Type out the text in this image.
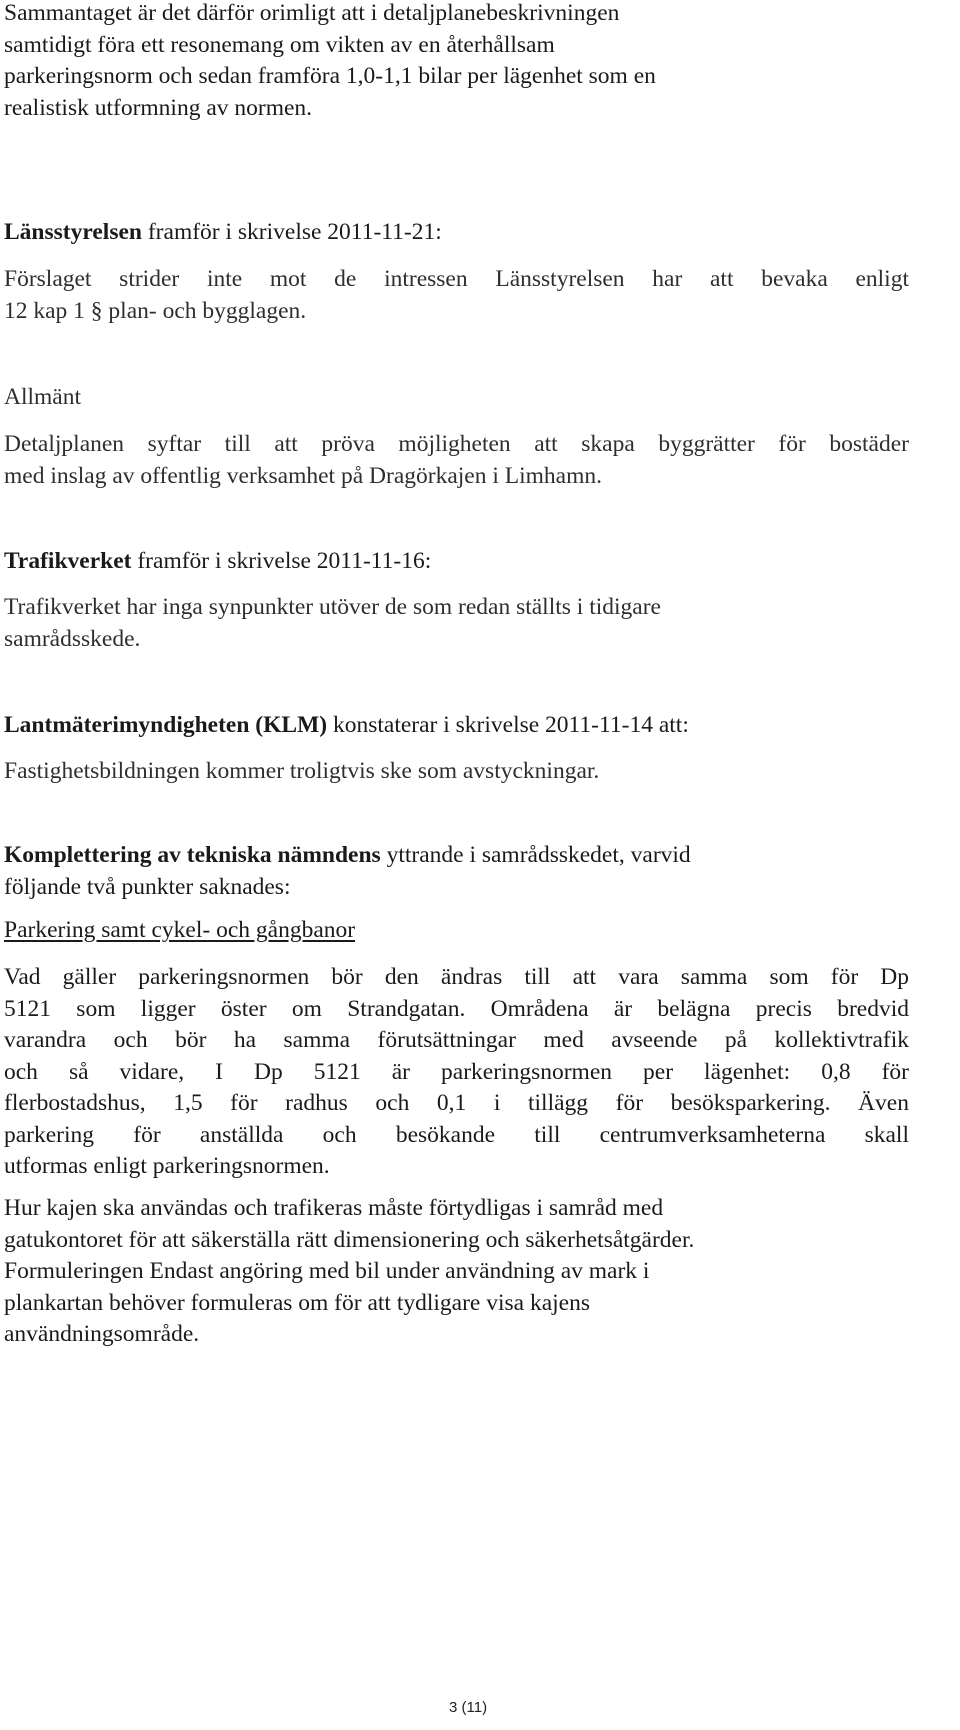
Sammantaget är det därför orimligt att i detaljplanebeskrivningen
samtidigt föra ett resonemang om vikten av en återhållsam
parkeringsnorm och sedan framföra 1,0-1,1 bilar per lägenhet som en
realistisk utformning av normen.
Länsstyrelsen framför i skrivelse 2011-11-21:
Förslaget strider inte mot de intressen Länsstyrelsen har att bevaka enligt
12 kap 1 § plan- och bygglagen.
Allmänt
Detaljplanen syftar till att pröva möjligheten att skapa byggrätter för bostäder
med inslag av offentlig verksamhet på Dragörkajen i Limhamn.
Trafikverket framför i skrivelse 2011-11-16:
Trafikverket har inga synpunkter utöver de som redan ställts i tidigare
samrådsskede.
Lantmäterimyndigheten (KLM) konstaterar i skrivelse 2011-11-14 att:
Fastighetsbildningen kommer troligtvis ske som avstyckningar.
Komplettering av tekniska nämndens yttrande i samrådsskedet, varvid
följande två punkter saknades:
Parkering samt cykel- och gångbanor
Vad gäller parkeringsnormen bör den ändras till att vara samma som för Dp
5121 som ligger öster om Strandgatan. Områdena är belägna precis bredvid
varandra och bör ha samma förutsättningar med avseende på kollektivtrafik
och så vidare, I Dp 5121 är parkeringsnormen per lägenhet: 0,8 för
flerbostadshus, 1,5 för radhus och 0,1 i tillägg för besöksparkering. Även
parkering för anställda och besökande till centrumverksamheterna skall
utformas enligt parkeringsnormen.
Hur kajen ska användas och trafikeras måste förtydligas i samråd med
gatukontoret för att säkerställa rätt dimensionering och säkerhetsåtgärder.
Formuleringen Endast angöring med bil under användning av mark i
plankartan behöver formuleras om för att tydligare visa kajens
användningsområde.
3 (11)
